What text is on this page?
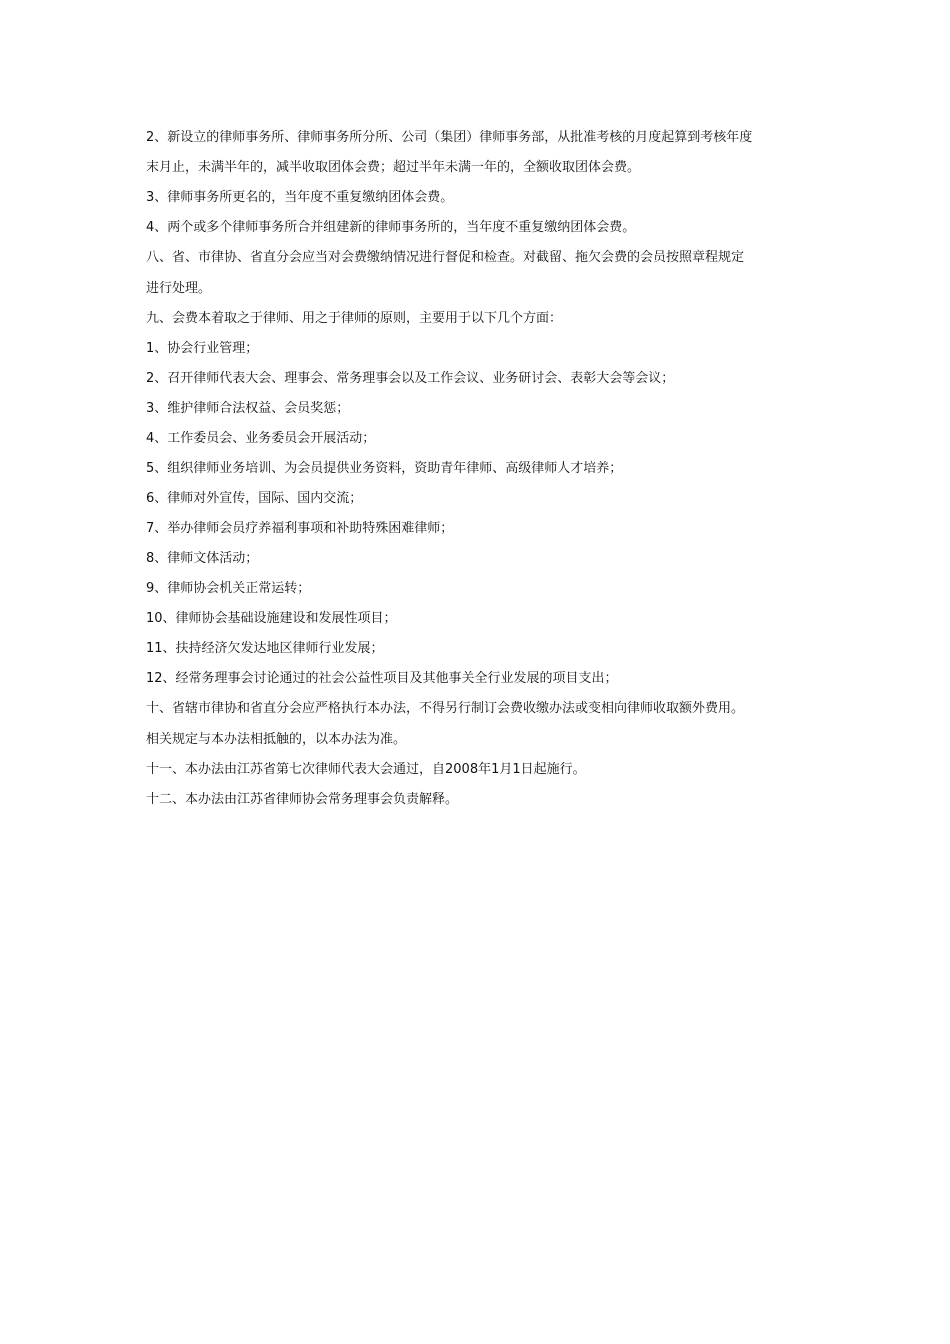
2、新设立的律师事务所、律师事务所分所、公司（集团）律师事务部，从批准考核的月度起算到考核年度
末月止，未满半年的，减半收取团体会费；超过半年未满一年的，全额收取团体会费。
3、律师事务所更名的，当年度不重复缴纳团体会费。
4、两个或多个律师事务所合并组建新的律师事务所的，当年度不重复缴纳团体会费。
八、省、市律协、省直分会应当对会费缴纳情况进行督促和检查。对截留、拖欠会费的会员按照章程规定
进行处理。
九、会费本着取之于律师、用之于律师的原则，主要用于以下几个方面：
1、协会行业管理；
2、召开律师代表大会、理事会、常务理事会以及工作会议、业务研讨会、表彰大会等会议；
3、维护律师合法权益、会员奖惩；
4、工作委员会、业务委员会开展活动；
5、组织律师业务培训、为会员提供业务资料，资助青年律师、高级律师人才培养；
6、律师对外宣传，国际、国内交流；
7、举办律师会员疗养福利事项和补助特殊困难律师；
8、律师文体活动；
9、律师协会机关正常运转；
10、律师协会基础设施建设和发展性项目；
11、扶持经济欠发达地区律师行业发展；
12、经常务理事会讨论通过的社会公益性项目及其他事关全行业发展的项目支出；
十、省辖市律协和省直分会应严格执行本办法，不得另行制订会费收缴办法或变相向律师收取额外费用。
相关规定与本办法相抵触的，以本办法为准。
十一、本办法由江苏省第七次律师代表大会通过，自2008年1月1日起施行。
十二、本办法由江苏省律师协会常务理事会负责解释。
